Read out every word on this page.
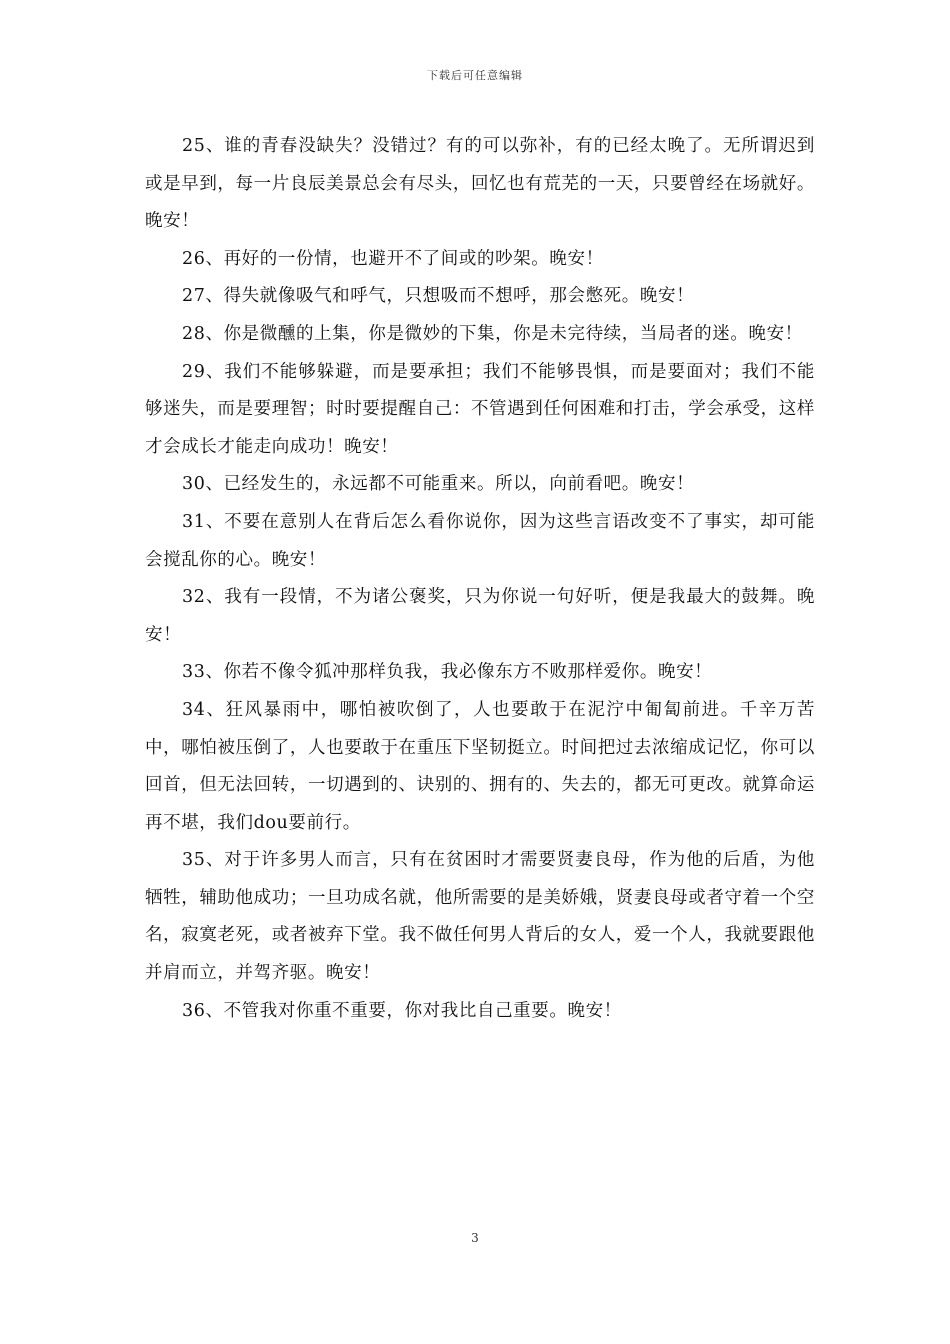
下载后可任意编辑

25、谁的青春没缺失？没错过？有的可以弥补，有的已经太晚了。无所谓迟到或是早到，每一片良辰美景总会有尽头，回忆也有荒芜的一天，只要曾经在场就好。晚安！

26、再好的一份情，也避开不了间或的吵架。晚安！

27、得失就像吸气和呼气，只想吸而不想呼，那会憋死。晚安！

28、你是微醺的上集，你是微妙的下集，你是未完待续，当局者的迷。晚安！

29、我们不能够躲避，而是要承担；我们不能够畏惧，而是要面对；我们不能够迷失，而是要理智；时时要提醒自己：不管遇到任何困难和打击，学会承受，这样才会成长才能走向成功！晚安！

30、已经发生的，永远都不可能重来。所以，向前看吧。晚安！

31、不要在意别人在背后怎么看你说你，因为这些言语改变不了事实，却可能会搅乱你的心。晚安！

32、我有一段情，不为诸公褒奖，只为你说一句好听，便是我最大的鼓舞。晚安！

33、你若不像令狐冲那样负我，我必像东方不败那样爱你。晚安！

34、狂风暴雨中，哪怕被吹倒了，人也要敢于在泥泞中匍匐前进。千辛万苦中，哪怕被压倒了，人也要敢于在重压下坚韧挺立。时间把过去浓缩成记忆，你可以回首，但无法回转，一切遇到的、诀别的、拥有的、失去的，都无可更改。就算命运再不堪，我们dou要前行。

35、对于许多男人而言，只有在贫困时才需要贤妻良母，作为他的后盾，为他牺牲，辅助他成功；一旦功成名就，他所需要的是美娇娥，贤妻良母或者守着一个空名，寂寞老死，或者被弃下堂。我不做任何男人背后的女人，爱一个人，我就要跟他并肩而立，并驾齐驱。晚安！

36、不管我对你重不重要，你对我比自己重要。晚安！

3
